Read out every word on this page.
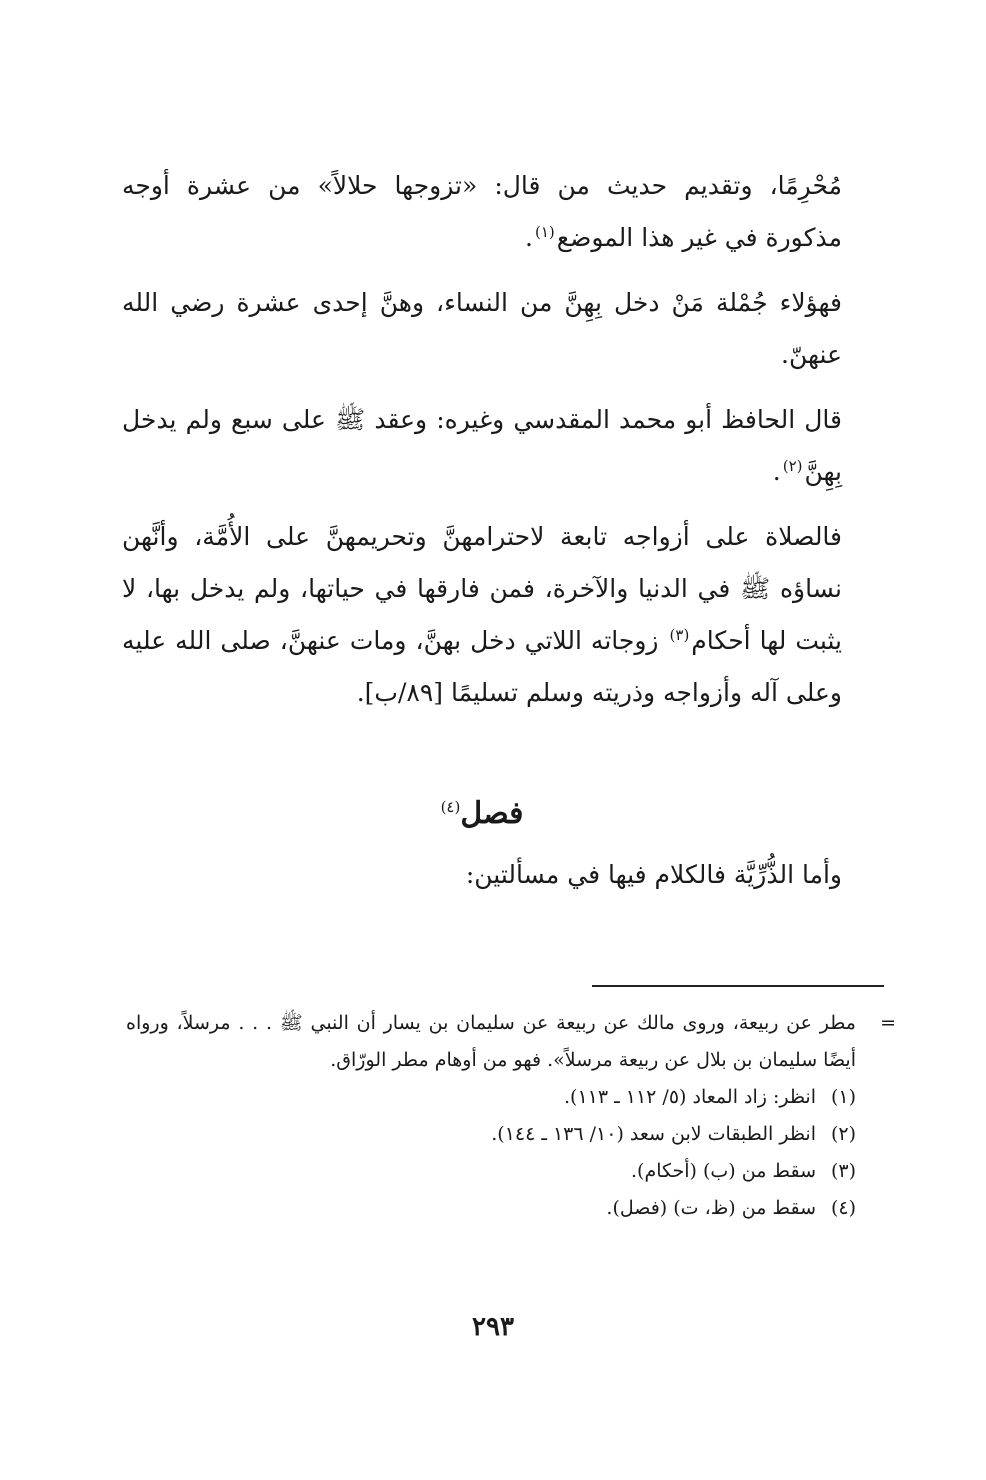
مُحْرِمًا، وتقديم حديث من قال: «تزوجها حلالاً» من عشرة أوجه مذكورة في غير هذا الموضع$^{(١)}$.

فهؤلاء جُمْلة مَنْ دخل بِهِنَّ من النساء، وهنَّ إحدى عشرة رضي الله عنهنّ.

قال الحافظ أبو محمد المقدسي وغيره: وعقد ﷺ على سبع ولم يدخل بِهِنَّ$^{(٢)}$.

فالصلاة على أزواجه تابعة لاحترامهنَّ وتحريمهنَّ على الأُمَّة، وأنَّهن نساؤه ﷺ في الدنيا والآخرة، فمن فارقها في حياتها، ولم يدخل بها، لا يثبت لها أحكام$^{(٣)}$ زوجاته اللاتي دخل بهنَّ، ومات عنهنَّ، صلى الله عليه وعلى آله وأزواجه وذريته وسلم تسليمًا [٨٩/ب].

فصل$^{(٤)}$
وأما الذُّرِّيَّة فالكلام فيها في مسألتين:
=
مطر عن ربيعة، وروى مالك عن ربيعة عن سليمان بن يسار أن النبي ﷺ . . . مرسلاً، ورواه أيضًا سليمان بن بلال عن ربيعة مرسلاً». فهو من أوهام مطر الورّاق.
(١)
انظر: زاد المعاد (٥/ ١١٢ ـ ١١٣).
(٢)
انظر الطبقات لابن سعد (١٠/ ١٣٦ ـ ١٤٤).
(٣)
سقط من (ب) (أحكام).
(٤)
سقط من (ظ، ت) (فصل).
٢٩٣
